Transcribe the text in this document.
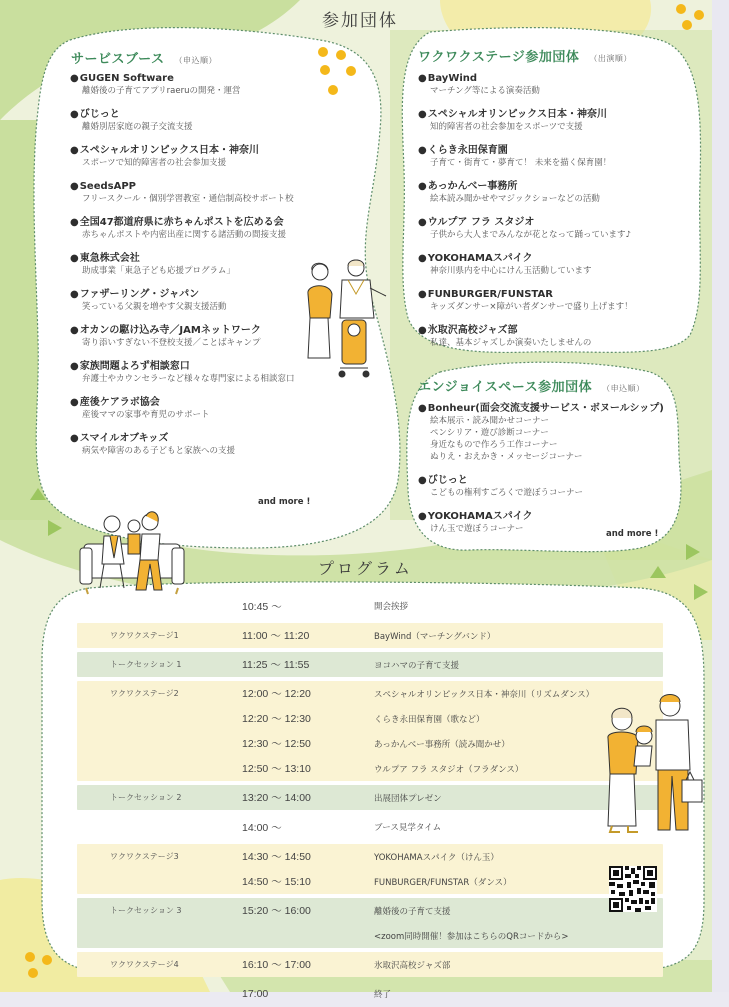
参加団体
サービスブース （申込順）
● GUGEN Software
離婚後の子育てアプリraeruの開発・運営
● びじっと
離婚別居家庭の親子交流支援
● スペシャルオリンピックス日本・神奈川
スポーツで知的障害者の社会参加支援
● SeedsAPP
フリースクール・個別学習教室・通信制高校サポート校
● 全国47都道府県に赤ちゃんポストを広める会
赤ちゃんポストや内密出産に関する諸活動の間接支援
● 東急株式会社
助成事業「東急子ども応援プログラム」
● ファザーリング・ジャパン
笑っている父親を増やす父親支援活動
● オカンの駆け込み寺／JAMネットワーク
寄り添いすぎない不登校支援／ことばキャンプ
● 家族問題よろず相談窓口
弁護士やカウンセラーなど様々な専門家による相談窓口
● 産後ケアラボ協会
産後ママの家事や育児のサポート
● スマイルオブキッズ
病気や障害のある子どもと家族への支援
and more !
ワクワクステージ参加団体 （出演順）
● BayWind
マーチング等による演奏活動
● スペシャルオリンピックス日本・神奈川
知的障害者の社会参加をスポーツで支援
● くらき永田保育園
子育て・街育て・夢育て！ 未来を描く保育園！
● あっかんべー事務所
絵本読み聞かせやマジックショーなどの活動
● ウルプア フラ スタジオ
子供から大人までみんなが花となって踊っています♪
● YOKOHAMAスパイク
神奈川県内を中心にけん玉活動しています
● FUNBURGER/FUNSTAR
キッズダンサー×障がい者ダンサーで盛り上げます！
● 氷取沢高校ジャズ部
私達、基本ジャズしか演奏いたしませんの
エンジョイスペース参加団体 （申込順）
● Bonheur(面会交流支援サービス・ボヌールシップ)
絵本展示・読み聞かせコーナー
ペンシリア・遊び診断コーナー
身近なもので作ろう工作コーナー
ぬりえ・おえかき・メッセージコーナー
● びじっと
こどもの権利すごろくで遊ぼうコーナー
● YOKOHAMAスパイク
けん玉で遊ぼうコーナー	and more !
プログラム
10:45 ～	開会挨拶
ワクワクステージ1	11:00 ～ 11:20	BayWind（マーチングバンド）
トークセッション 1	11:25 ～ 11:55	ヨコハマの子育て支援
ワクワクステージ2	12:00 ～ 12:20	スペシャルオリンピックス日本・神奈川（リズムダンス）
12:20 ～ 12:30	くらき永田保育園（歌など）
12:30 ～ 12:50	あっかんべー事務所（読み聞かせ）
12:50 ～ 13:10	ウルプア フラ スタジオ（フラダンス）
トークセッション 2	13:20 ～ 14:00	出展団体プレゼン
14:00 ～	ブース見学タイム
ワクワクステージ3	14:30 ～ 14:50	YOKOHAMAスパイク（けん玉）
14:50 ～ 15:10	FUNBURGER/FUNSTAR（ダンス）
トークセッション 3	15:20 ～ 16:00	離婚後の子育て支援
<zoom同時開催！参加はこちらのQRコードから>
ワクワクステージ4	16:10 ～ 17:00	氷取沢高校ジャズ部
17:00	終了
